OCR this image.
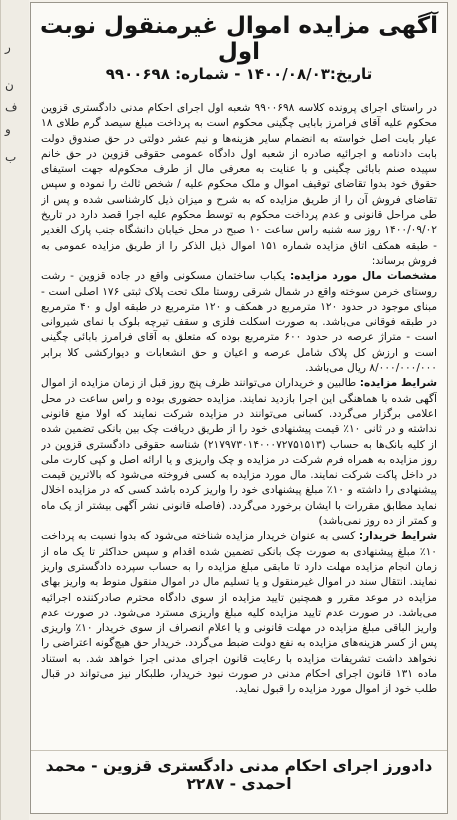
ر
ن
ف
و
ب
آگهی مزایده اموال غیرمنقول نوبت اول
تاریخ:۱۴۰۰/۰۸/۰۳ - شماره: ۹۹۰۰۶۹۸

در راستای اجرای پرونده کلاسه ۹۹۰۰۶۹۸ شعبه اول اجرای احکام مدنی دادگستری قزوین محکوم علیه آقای فرامرز بابایی چگینی محکوم است به پرداخت مبلغ سیصد گرم طلای ۱۸ عیار بابت اصل خواسته به انضمام سایر هزینه‌ها و نیم عشر دولتی در حق صندوق دولت بابت دادنامه و اجرائیه صادره از شعبه اول دادگاه عمومی حقوقی قزوین در حق خانم سپیده صنم بابائی چگینی و با عنایت به معرفی مال از طرف محکوم‌له جهت استیفای حقوق خود بدوا تقاضای توقیف اموال و ملک محکوم علیه / شخص ثالث را نموده و سپس تقاضای فروش آن را از طریق مزایده که به شرح و میزان ذیل کارشناسی شده و پس از طی مراحل قانونی و عدم پرداخت محکوم به توسط محکوم علیه اجرا قصد دارد در تاریخ ۱۴۰۰/۰۹/۰۲ روز سه شنبه راس ساعت ۱۰ صبح در محل خیابان دانشگاه جنب پارک الغدیر - طبقه همکف اتاق مزایده شماره ۱۵۱ اموال ذیل الذکر را از طریق مزایده عمومی به فروش برساند:

مشخصات مال مورد مزایده: یکباب ساختمان مسکونی واقع در جاده قزوین - رشت روستای خرمن سوخته واقع در شمال شرقی روستا ملک تحت پلاک ثبتی ۱۷۶ اصلی است - مبنای موجود در حدود ۱۲۰ مترمربع در همکف و ۱۲۰ مترمربع در طبقه اول و ۴۰ مترمربع در طبقه فوقانی می‌باشد. به صورت اسکلت فلزی و سقف تیرچه بلوک با نمای شیروانی است - متراژ عرصه در حدود ۶۰۰ مترمربع بوده که متعلق به آقای فرامرز بابائی چگینی است و ارزش کل پلاک شامل عرصه و اعیان و حق انشعابات و دیوارکشی کلا برابر ۸/۰۰۰/۰۰۰/۰۰۰ ریال می‌باشد.

شرایط مزایده: طالبین و خریداران می‌توانند ظرف پنج روز قبل از زمان مزایده از اموال آگهی شده با هماهنگی این اجرا بازدید نمایند. مزایده حضوری بوده و راس ساعت در محل اعلامی برگزار می‌گردد. کسانی می‌توانند در مزایده شرکت نمایند که اولا منع قانونی نداشته و در ثانی ۱۰٪ قیمت پیشنهادی خود را از طریق دریافت چک بین بانکی تضمین شده از کلیه بانک‌ها به حساب (۲۱۷۹۷۳۰۱۴۰۰۰۷۲۷۵۱۵۱۳) شناسه حقوقی دادگستری قزوین در روز مزایده به همراه فرم شرکت در مزایده و چک واریزی و یا ارائه اصل و کپی کارت ملی در داخل پاکت شرکت نمایند. مال مورد مزایده به کسی فروخته می‌شود که بالاترین قیمت پیشنهادی را داشته و ۱۰٪ مبلغ پیشنهادی خود را واریز کرده باشد کسی که در مزایده اخلال نماید مطابق مقررات با ایشان برخورد می‌گردد. (فاصله قانونی نشر آگهی بیشتر از یک ماه و کمتر از ده روز نمی‌باشد)

شرایط خریدار: کسی به عنوان خریدار مزایده شناخته می‌شود که بدوا نسبت به پرداخت ۱۰٪ مبلغ پیشنهادی به صورت چک بانکی تضمین شده اقدام و سپس حداکثر تا یک ماه از زمان انجام مزایده مهلت دارد تا مابقی مبلغ مزایده را به حساب سپرده دادگستری واریز نمایند. انتقال سند در اموال غیرمنقول و یا تسلیم مال در اموال منقول منوط به واریز بهای مزایده در موعد مقرر و همچنین تایید مزایده از سوی دادگاه محترم صادرکننده اجرائیه می‌باشد. در صورت عدم تایید مزایده کلیه مبلغ واریزی مسترد می‌شود. در صورت عدم واریز الباقی مبلغ مزایده در مهلت قانونی و یا اعلام انصراف از سوی خریدار ۱۰٪ واریزی پس از کسر هزینه‌های مزایده به نفع دولت ضبط می‌گردد. خریدار حق هیچ‌گونه اعتراضی را نخواهد داشت تشریفات مزایده با رعایت قانون اجرای مدنی اجرا خواهد شد. به استناد ماده ۱۳۱ قانون اجرای احکام مدنی در صورت نبود خریدار، طلبکار نیز می‌تواند در قبال طلب خود از اموال مورد مزایده را قبول نماید.

دادورز اجرای احکام مدنی دادگستری قزوین - محمد احمدی - ۲۲۸۷
